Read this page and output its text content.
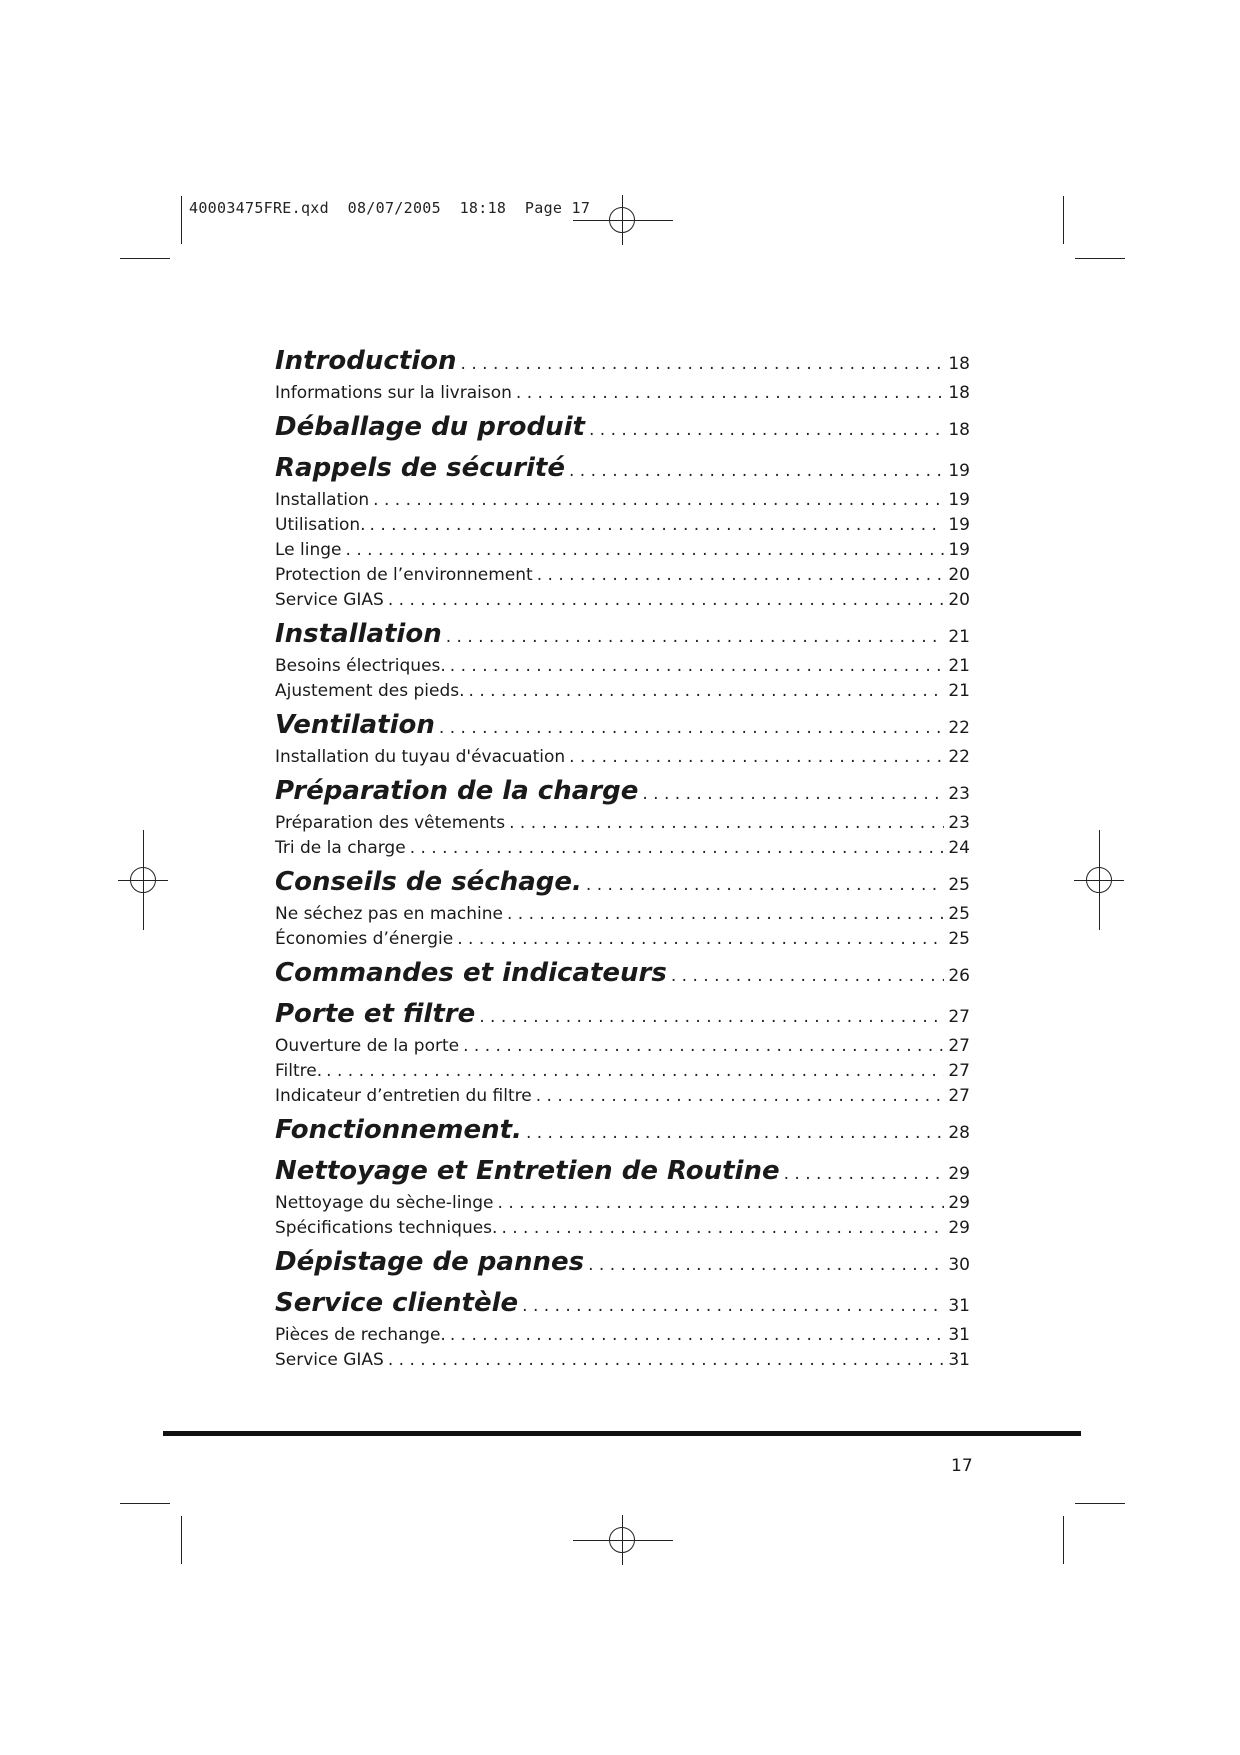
40003475FRE.qxd  08/07/2005  18:18  Page 17
Introduction . . .	18
Informations sur la livraison . . .	18
Déballage du produit . . .	18
Rappels de sécurité . . .	19
Installation . . .	19
Utilisation. . . .	19
Le linge . . .	19
Protection de l’environnement . . .	20
Service GIAS . . .	20
Installation . . .	21
Besoins électriques. . . .	21
Ajustement des pieds. . . .	21
Ventilation . . .	22
Installation du tuyau d'évacuation . . .	22
Préparation de la charge . . .	23
Préparation des vêtements . . .	23
Tri de la charge . . .	24
Conseils de séchage. . . .	25
Ne séchez pas en machine . . .	25
Économies d’énergie . . .	25
Commandes et indicateurs . . .	26
Porte et filtre . . .	27
Ouverture de la porte . . .	27
Filtre. . . .	27
Indicateur d’entretien du filtre . . .	27
Fonctionnement. . . .	28
Nettoyage et Entretien de Routine . . .	29
Nettoyage du sèche-linge . . .	29
Spécifications techniques. . . .	29
Dépistage de pannes . . .	30
Service clientèle . . .	31
Pièces de rechange. . . .	31
Service GIAS . . .	31
17
